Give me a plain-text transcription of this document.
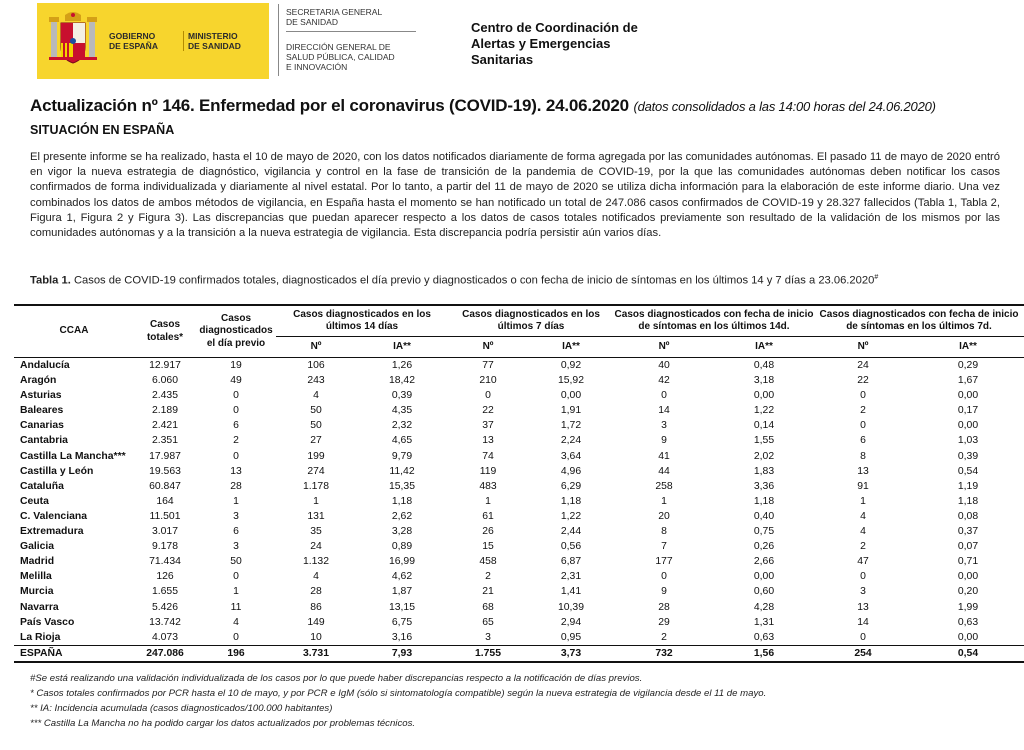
GOBIERNO
DE ESPAÑA
MINISTERIO
DE SANIDAD
SECRETARIA GENERAL
DE SANIDAD
DIRECCIÓN GENERAL DE
SALUD PÚBLICA, CALIDAD
E INNOVACIÓN
Centro de Coordinación de
Alertas y Emergencias
Sanitarias
Actualización nº 146. Enfermedad por el coronavirus (COVID-19). 24.06.2020 (datos consolidados a las 14:00 horas del 24.06.2020)
SITUACIÓN EN ESPAÑA
El presente informe se ha realizado, hasta el 10 de mayo de 2020, con los datos notificados diariamente de forma agregada por las comunidades autónomas. El pasado 11 de mayo de 2020 entró en vigor la nueva estrategia de diagnóstico, vigilancia y control en la fase de transición de la pandemia de COVID-19, por la que las comunidades autónomas deben notificar los casos confirmados de forma individualizada y diariamente al nivel estatal. Por lo tanto, a partir del 11 de mayo de 2020 se utiliza dicha información para la elaboración de este informe diario. Una vez combinados los datos de ambos métodos de vigilancia, en España hasta el momento se han notificado un total de 247.086 casos confirmados de COVID-19 y 28.327 fallecidos (Tabla 1, Tabla 2, Figura 1, Figura 2 y Figura 3). Las discrepancias que puedan aparecer respecto a los datos de casos totales notificados previamente son resultado de la validación de los mismos por las comunidades autónomas y a la transición a la nueva estrategia de vigilancia. Esta discrepancia podría persistir aún varios días.
Tabla 1. Casos de COVID-19 confirmados totales, diagnosticados el día previo y diagnosticados o con fecha de inicio de síntomas en los últimos 14 y 7 días a 23.06.2020#
CCAA	Casos totales*	Casos diagnosticados el día previo	Casos diagnosticados en los últimos 14 días		Casos diagnosticados en los últimos 7 días		Casos diagnosticados con fecha de inicio de síntomas en los últimos 14d.		Casos diagnosticados con fecha de inicio de síntomas en los últimos 7d.	
			Nº	IA**	Nº	IA**	Nº	IA**	Nº	IA**
Andalucía	12.917	19	106	1,26	77	0,92	40	0,48	24	0,29
Aragón	6.060	49	243	18,42	210	15,92	42	3,18	22	1,67
Asturias	2.435	0	4	0,39	0	0,00	0	0,00	0	0,00
Baleares	2.189	0	50	4,35	22	1,91	14	1,22	2	0,17
Canarias	2.421	6	50	2,32	37	1,72	3	0,14	0	0,00
Cantabria	2.351	2	27	4,65	13	2,24	9	1,55	6	1,03
Castilla La Mancha***	17.987	0	199	9,79	74	3,64	41	2,02	8	0,39
Castilla y León	19.563	13	274	11,42	119	4,96	44	1,83	13	0,54
Cataluña	60.847	28	1.178	15,35	483	6,29	258	3,36	91	1,19
Ceuta	164	1	1	1,18	1	1,18	1	1,18	1	1,18
C. Valenciana	11.501	3	131	2,62	61	1,22	20	0,40	4	0,08
Extremadura	3.017	6	35	3,28	26	2,44	8	0,75	4	0,37
Galicia	9.178	3	24	0,89	15	0,56	7	0,26	2	0,07
Madrid	71.434	50	1.132	16,99	458	6,87	177	2,66	47	0,71
Melilla	126	0	4	4,62	2	2,31	0	0,00	0	0,00
Murcia	1.655	1	28	1,87	21	1,41	9	0,60	3	0,20
Navarra	5.426	11	86	13,15	68	10,39	28	4,28	13	1,99
País Vasco	13.742	4	149	6,75	65	2,94	29	1,31	14	0,63
La Rioja	4.073	0	10	3,16	3	0,95	2	0,63	0	0,00
ESPAÑA	247.086	196	3.731	7,93	1.755	3,73	732	1,56	254	0,54
#Se está realizando una validación individualizada de los casos por lo que puede haber discrepancias respecto a la notificación de días previos.
* Casos totales confirmados por PCR hasta el 10 de mayo, y por PCR e IgM (sólo si sintomatología compatible) según la nueva estrategia de vigilancia desde el 11 de mayo.
** IA: Incidencia acumulada (casos diagnosticados/100.000 habitantes)
*** Castilla La Mancha no ha podido cargar los datos actualizados por problemas técnicos.
